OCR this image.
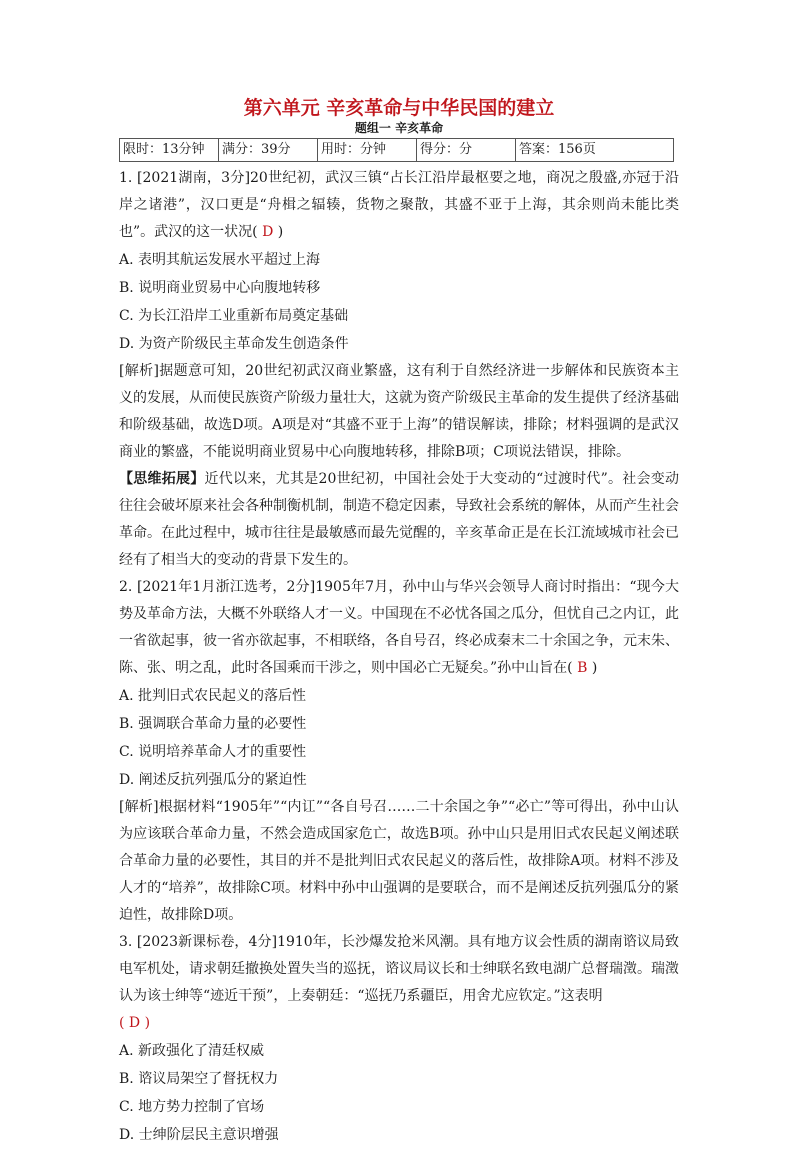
第六单元 辛亥革命与中华民国的建立
题组一 辛亥革命
限时：13分钟	满分：39分	用时：分钟	得分：分	答案：156页

1. [2021湖南，3分]20世纪初，武汉三镇“占长江沿岸最枢要之地，商况之殷盛,亦冠于沿岸之诸港”，汉口更是“舟楫之辐辏，货物之聚散，其盛不亚于上海，其余则尚未能比类也”。武汉的这一状况( D )

A. 表明其航运发展水平超过上海
B. 说明商业贸易中心向腹地转移
C. 为长江沿岸工业重新布局奠定基础
D. 为资产阶级民主革命发生创造条件

[解析]据题意可知，20世纪初武汉商业繁盛，这有利于自然经济进一步解体和民族资本主义的发展，从而使民族资产阶级力量壮大，这就为资产阶级民主革命的发生提供了经济基础和阶级基础，故选D项。A项是对“其盛不亚于上海”的错误解读，排除；材料强调的是武汉商业的繁盛，不能说明商业贸易中心向腹地转移，排除B项；C项说法错误，排除。

【思维拓展】近代以来，尤其是20世纪初，中国社会处于大变动的“过渡时代”。社会变动往往会破坏原来社会各种制衡机制，制造不稳定因素，导致社会系统的解体，从而产生社会革命。在此过程中，城市往往是最敏感而最先觉醒的，辛亥革命正是在长江流域城市社会已经有了相当大的变动的背景下发生的。

2. [2021年1月浙江选考，2分]1905年7月，孙中山与华兴会领导人商讨时指出：“现今大势及革命方法，大概不外联络人才一义。中国现在不必忧各国之瓜分，但忧自己之内讧，此一省欲起事，彼一省亦欲起事，不相联络，各自号召，终必成秦末二十余国之争，元末朱、陈、张、明之乱，此时各国乘而干涉之，则中国必亡无疑矣。”孙中山旨在( B )

A. 批判旧式农民起义的落后性
B. 强调联合革命力量的必要性
C. 说明培养革命人才的重要性
D. 阐述反抗列强瓜分的紧迫性

[解析]根据材料“1905年”“内讧”“各自号召……二十余国之争”“必亡”等可得出，孙中山认为应该联合革命力量，不然会造成国家危亡，故选B项。孙中山只是用旧式农民起义阐述联合革命力量的必要性，其目的并不是批判旧式农民起义的落后性，故排除A项。材料不涉及人才的“培养”，故排除C项。材料中孙中山强调的是要联合，而不是阐述反抗列强瓜分的紧迫性，故排除D项。

3. [2023新课标卷，4分]1910年，长沙爆发抢米风潮。具有地方议会性质的湖南谘议局致电军机处，请求朝廷撤换处置失当的巡抚，谘议局议长和士绅联名致电湖广总督瑞澂。瑞澂认为该士绅等“迹近干预”，上奏朝廷：“巡抚乃系疆臣，用舍尤应钦定。”这表明

( D )

A. 新政强化了清廷权威
B. 谘议局架空了督抚权力
C. 地方势力控制了官场
D. 士绅阶层民主意识增强
